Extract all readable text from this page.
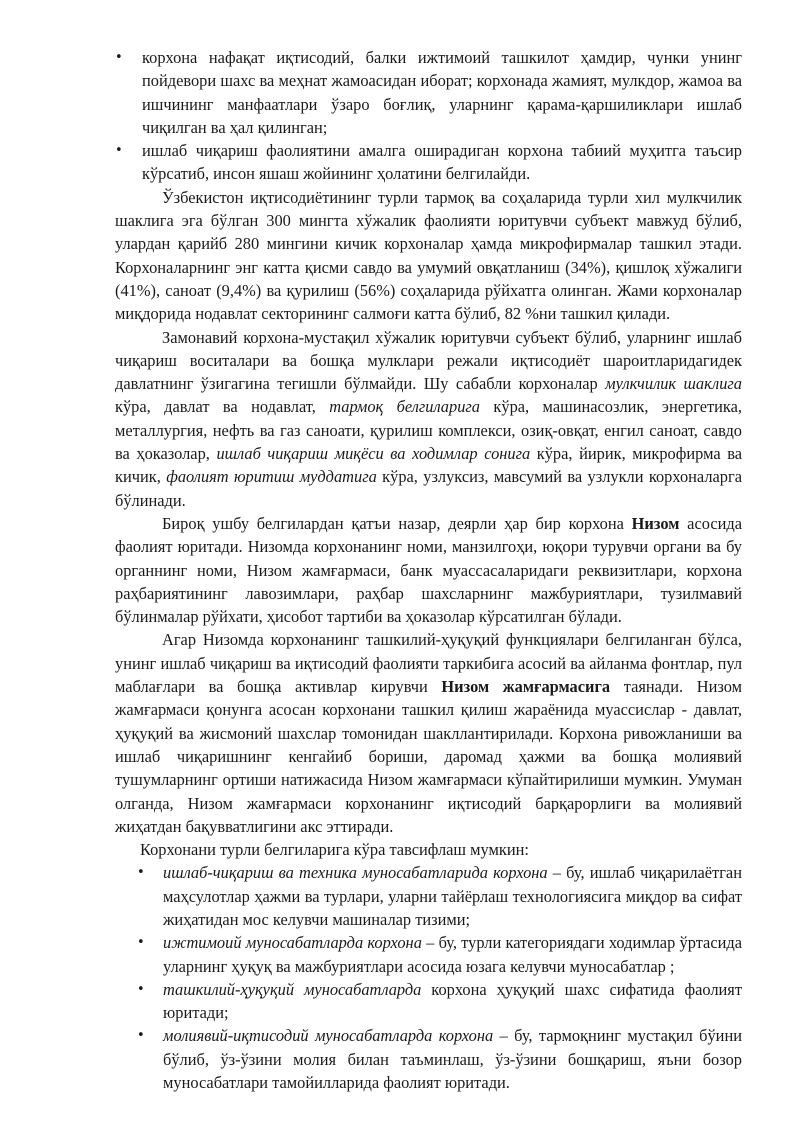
• корхона нафақат иқтисодий, балки ижтимоий ташкилот ҳамдир, чунки унинг пойдевори шахс ва меҳнат жамоасидан иборат; корхонада жамият, мулкдор, жамоа ва ишчининг манфаатлари ўзаро боғлиқ, уларнинг қарама-қаршиликлари ишлаб чиқилган ва ҳал қилинган;
• ишлаб чиқариш фаолиятини амалга оширадиган корхона табиий муҳитга таъсир кўрсатиб, инсон яшаш жойининг ҳолатини белгилайди.

Ўзбекистон иқтисодиётининг турли тармоқ ва соҳаларида турли хил мулкчилик шаклига эга бўлган 300 мингта хўжалик фаолияти юритувчи субъект мавжуд бўлиб, улардан қарийб 280 мингини кичик корхоналар ҳамда микрофирмалар ташкил этади. Корхоналарнинг энг катта қисми савдо ва умумий овқатланиш (34%), қишлоқ хўжалиги (41%), саноат (9,4%) ва қурилиш (56%) соҳаларида рўйхатга олинган. Жами корхоналар миқдорида нодавлат секторининг салмоғи катта бўлиб, 82 %ни ташкил қилади.

Замонавий корхона-мустақил хўжалик юритувчи субъект бўлиб, уларнинг ишлаб чиқариш воситалари ва бошқа мулклари режали иқтисодиёт шароитларидагидек давлатнинг ўзигагина тегишли бўлмайди. Шу сабабли корхоналар мулкчилик шаклига кўра, давлат ва нодавлат, тармоқ белгиларига кўра, машинасозлик, энергетика, металлургия, нефть ва газ саноати, қурилиш комплекси, озиқ-овқат, енгил саноат, савдо ва ҳоказолар, ишлаб чиқариш миқёси ва ходимлар сонига кўра, йирик, микрофирма ва кичик, фаолият юритиш муддатига кўра, узлуксиз, мавсумий ва узлукли корхоналарга бўлинади.

Бироқ ушбу белгилардан қатъи назар, деярли ҳар бир корхона Низом асосида фаолият юритади. Низомда корхонанинг номи, манзилгоҳи, юқори турувчи органи ва бу органнинг номи, Низом жамғармаси, банк муассасаларидаги реквизитлари, корхона раҳбариятининг лавозимлари, раҳбар шахсларнинг мажбуриятлари, тузилмавий бўлинмалар рўйхати, ҳисобот тартиби ва ҳоказолар кўрсатилган бўлади.

Агар Низомда корхонанинг ташкилий-ҳуқуқий функциялари белгиланган бўлса, унинг ишлаб чиқариш ва иқтисодий фаолияти таркибига асосий ва айланма фонтлар, пул маблағлари ва бошқа активлар кирувчи Низом жамғармасига таянади. Низом жамғармаси қонунга асосан корхонани ташкил қилиш жараёнида муассислар - давлат, ҳуқуқий ва жисмоний шахслар томонидан шакллантирилади. Корхона ривожланиши ва ишлаб чиқаришнинг кенгайиб бориши, даромад ҳажми ва бошқа молиявий тушумларнинг ортиши натижасида Низом жамғармаси кўпайтирилиши мумкин. Умуман олганда, Низом жамғармаси корхонанинг иқтисодий барқарорлиги ва молиявий жиҳатдан бақувватлигини акс эттиради.

Корхонани турли белгиларига кўра тавсифлаш мумкин:

• ишлаб-чиқариш ва техника муносабатларида корхона – бу, ишлаб чиқарилаётган маҳсулотлар ҳажми ва турлари, уларни тайёрлаш технологиясига миқдор ва сифат жиҳатидан мос келувчи машиналар тизими;
• ижтимоий муносабатларда корхона – бу, турли категориядаги ходимлар ўртасида уларнинг ҳуқуқ ва мажбуриятлари асосида юзага келувчи муносабатлар ;
• ташкилий-ҳуқуқий муносабатларда корхона ҳуқуқий шахс сифатида фаолият юритади;
• молиявий-иқтисодий муносабатларда корхона – бу, тармоқнинг мустақил бўини бўлиб, ўз-ўзини молия билан таъминлаш, ўз-ўзини бошқариш, яъни бозор муносабатлари тамойилларида фаолият юритади.
